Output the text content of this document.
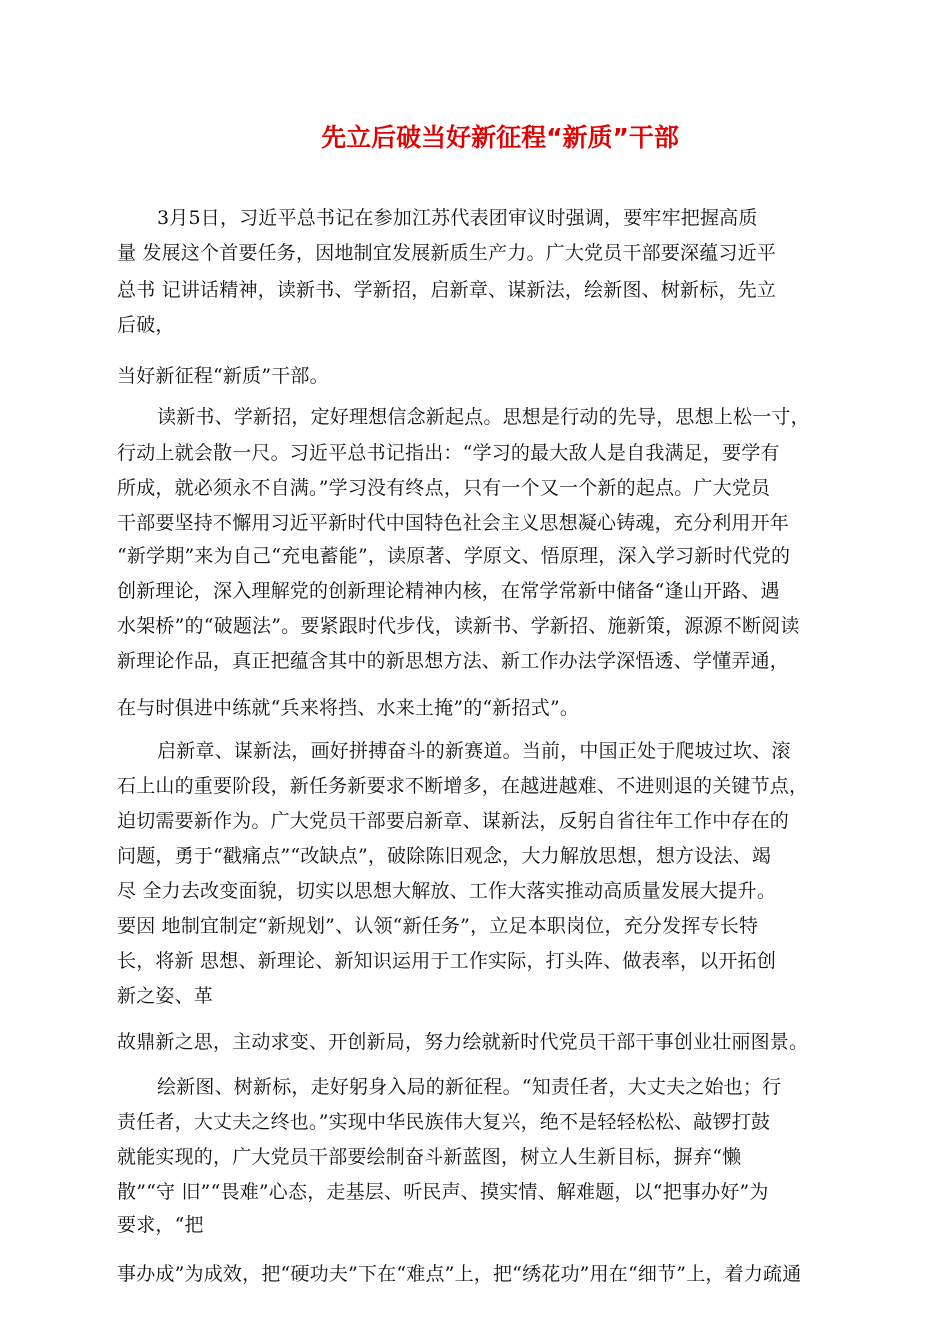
先立后破当好新征程“新质”干部

3月5日，习近平总书记在参加江苏代表团审议时强调，要牢牢把握高质

量 发展这个首要任务，因地制宜发展新质生产力。广大党员干部要深蕴习近平

总书 记讲话精神，读新书、学新招，启新章、谋新法，绘新图、树新标，先立

后破，

当好新征程“新质”干部。

读新书、学新招，定好理想信念新起点。思想是行动的先导，思想上松一寸，

行动上就会散一尺。习近平总书记指出：“学习的最大敌人是自我满足，要学有

所成，就必须永不自满。”学习没有终点，只有一个又一个新的起点。广大党员

干部要坚持不懈用习近平新时代中国特色社会主义思想凝心铸魂，充分利用开年

“新学期”来为自己“充电蓄能”，读原著、学原文、悟原理，深入学习新时代党的

创新理论，深入理解党的创新理论精神内核，在常学常新中储备“逢山开路、遇

水架桥”的“破题法”。要紧跟时代步伐，读新书、学新招、施新策，源源不断阅读

新理论作品，真正把蕴含其中的新思想方法、新工作办法学深悟透、学懂弄通，

在与时俱进中练就“兵来将挡、水来土掩”的“新招式”。

启新章、谋新法，画好拼搏奋斗的新赛道。当前，中国正处于爬坡过坎、滚

石上山的重要阶段，新任务新要求不断增多，在越进越难、不进则退的关键节点，

迫切需要新作为。广大党员干部要启新章、谋新法，反躬自省往年工作中存在的

问题，勇于“戳痛点”“改缺点”，破除陈旧观念，大力解放思想，想方设法、竭

尽 全力去改变面貌，切实以思想大解放、工作大落实推动高质量发展大提升。

要因 地制宜制定“新规划”、认领“新任务”，立足本职岗位，充分发挥专长特

长，将新 思想、新理论、新知识运用于工作实际，打头阵、做表率，以开拓创

新之姿、革

故鼎新之思，主动求变、开创新局，努力绘就新时代党员干部干事创业壮丽图景。

绘新图、树新标，走好躬身入局的新征程。“知责任者，大丈夫之始也；行

责任者，大丈夫之终也。”实现中华民族伟大复兴，绝不是轻轻松松、敲锣打鼓

就能实现的，广大党员干部要绘制奋斗新蓝图，树立人生新目标，摒弃“懒

散”“守 旧”“畏难”心态，走基层、听民声、摸实情、解难题，以“把事办好”为

要求，“把

事办成”为成效，把“硬功夫”下在“难点”上，把“绣花功”用在“细节”上，着力疏通
